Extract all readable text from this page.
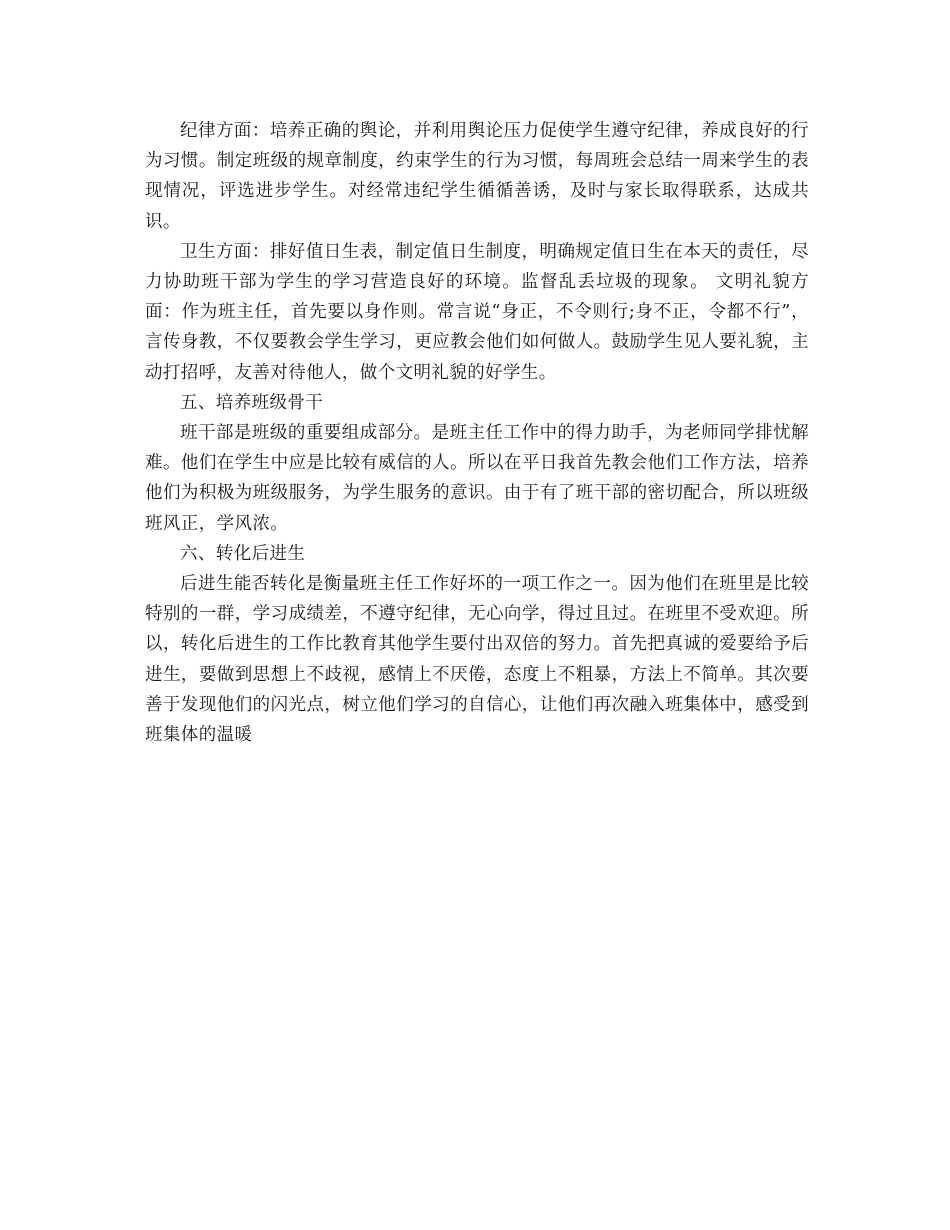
纪律方面：培养正确的舆论，并利用舆论压力促使学生遵守纪律，养成良好的行为习惯。制定班级的规章制度，约束学生的行为习惯，每周班会总结一周来学生的表现情况，评选进步学生。对经常违纪学生循循善诱，及时与家长取得联系，达成共识。

卫生方面：排好值日生表，制定值日生制度，明确规定值日生在本天的责任，尽力协助班干部为学生的学习营造良好的环境。监督乱丢垃圾的现象。 文明礼貌方面：作为班主任，首先要以身作则。常言说“身正，不令则行;身不正，令都不行”，言传身教，不仅要教会学生学习，更应教会他们如何做人。鼓励学生见人要礼貌，主动打招呼，友善对待他人，做个文明礼貌的好学生。

五、培养班级骨干

班干部是班级的重要组成部分。是班主任工作中的得力助手，为老师同学排忧解难。他们在学生中应是比较有威信的人。所以在平日我首先教会他们工作方法，培养他们为积极为班级服务，为学生服务的意识。由于有了班干部的密切配合，所以班级班风正，学风浓。

六、转化后进生

后进生能否转化是衡量班主任工作好坏的一项工作之一。因为他们在班里是比较特别的一群，学习成绩差，不遵守纪律，无心向学，得过且过。在班里不受欢迎。所以，转化后进生的工作比教育其他学生要付出双倍的努力。首先把真诚的爱要给予后进生，要做到思想上不歧视，感情上不厌倦，态度上不粗暴，方法上不简单。其次要善于发现他们的闪光点，树立他们学习的自信心，让他们再次融入班集体中，感受到班集体的温暖
